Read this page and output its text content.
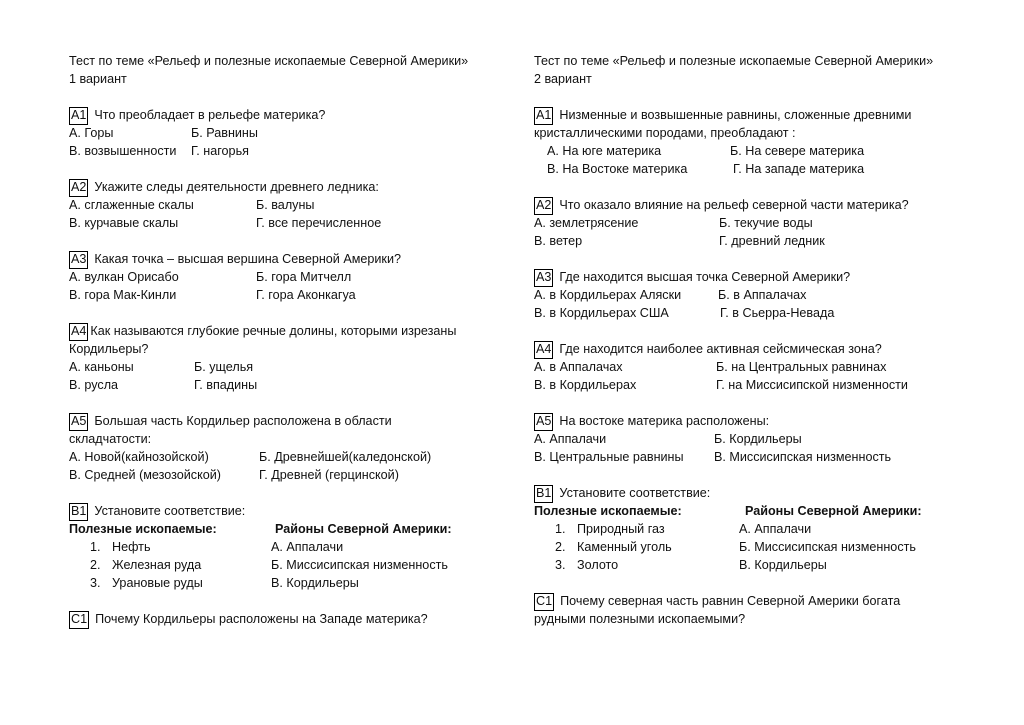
Тест по теме «Рельеф и полезные ископаемые Северной Америки»
1 вариант
А1 Что преобладает в рельефе материка?
А. Горы	Б. Равнины
В. возвышенности Г. нагорья
А2 Укажите следы деятельности древнего ледника:
А. сглаженные скалы	Б. валуны
В. курчавые скалы	Г. все перечисленное
А3 Какая точка – высшая вершина Северной Америки?
А. вулкан Орисабо	Б. гора Митчелл
В. гора Мак-Кинли	Г. гора Аконкагуа
А4 Как называются глубокие речные долины, которыми изрезаны
Кордильеры?
А. каньоны	Б. ущелья
В. русла	Г. впадины
А5 Большая часть Кордильер расположена в области
складчатости:
А. Новой(кайнозойской)	Б. Древнейшей(каледонской)
В. Средней (мезозойской)	Г. Древней (герцинской)
В1 Установите соответствие:
Полезные ископаемые:	Районы Северной Америки:
1. Нефть	А. Аппалачи
2. Железная руда	Б. Миссисипская низменность
3. Урановые руды	В. Кордильеры
С1 Почему Кордильеры расположены на Западе материка?
Тест по теме «Рельеф и полезные ископаемые Северной Америки»
2 вариант
А1 Низменные и возвышенные равнины, сложенные древними
кристаллическими породами, преобладают :
А. На юге материка	Б. На севере материка
В. На Востоке материка	Г. На западе материка
А2 Что оказало влияние на рельеф северной части материка?
А. землетрясение	Б. текучие воды
В. ветер	Г. древний ледник
А3 Где находится высшая точка Северной Америки?
А. в Кордильерах Аляски	Б. в Аппалачах
В. в Кордильерах США	Г. в Сьерра-Невада
А4 Где находится наиболее активная сейсмическая зона?
А. в Аппалачах	Б. на Центральных равнинах
В. в Кордильерах	Г. на Миссисипской низменности
А5 На востоке материка расположены:
А. Аппалачи	Б. Кордильеры
В. Центральные равнины В. Миссисипская низменность
В1 Установите соответствие:
Полезные ископаемые:	Районы Северной Америки:
1. Природный газ	А. Аппалачи
2. Каменный уголь	Б. Миссисипская низменность
3. Золото	В. Кордильеры
С1 Почему северная часть равнин Северной Америки богата
рудными полезными ископаемыми?
